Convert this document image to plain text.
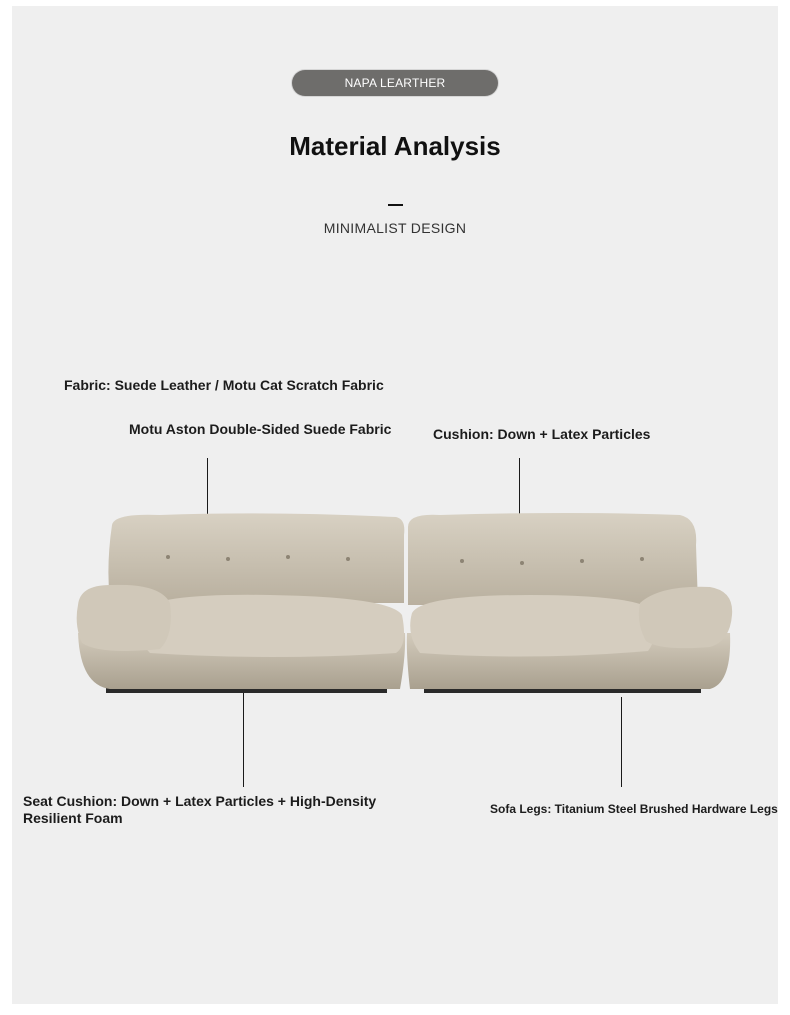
NAPA LEARTHER
Material Analysis
MINIMALIST DESIGN
Fabric: Suede Leather / Motu Cat Scratch Fabric
Motu Aston Double-Sided Suede Fabric	Cushion: Down + Latex Particles
Seat Cushion: Down + Latex Particles + High-Density Resilient Foam
Sofa Legs: Titanium Steel Brushed Hardware Legs
